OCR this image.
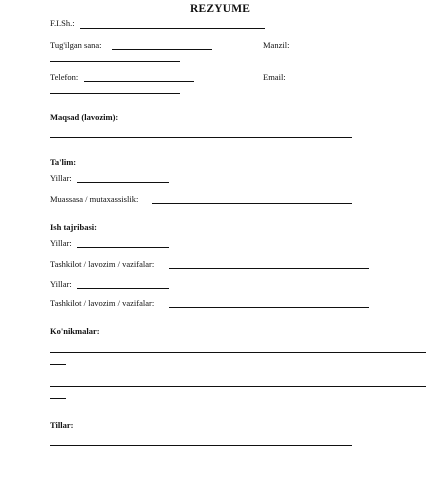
REZYUME
F.I.Sh.:
Tug'ilgan sana:	Manzil:
Telefon:	Email:
Maqsad (lavozim):
Ta'lim:
Yillar:
Muassasa / mutaxassislik:
Ish tajribasi:
Yillar:
Tashkilot / lavozim / vazifalar:
Yillar:
Tashkilot / lavozim / vazifalar:
Ko'nikmalar:
Tillar:
